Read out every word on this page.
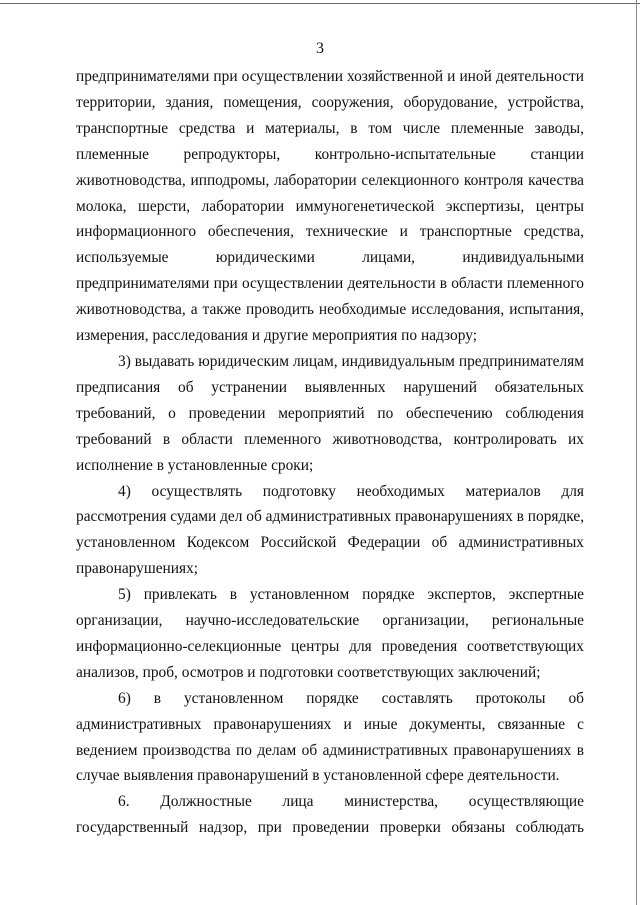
3
предпринимателями при осуществлении хозяйственной и иной деятельности
территории, здания, помещения, сооружения, оборудование, устройства,
транспортные средства и материалы, в том числе племенные заводы,
племенные репродукторы, контрольно-испытательные станции
животноводства, ипподромы, лаборатории селекционного контроля качества
молока, шерсти, лаборатории иммуногенетической экспертизы, центры
информационного обеспечения, технические и транспортные средства,
используемые юридическими лицами, индивидуальными
предпринимателями при осуществлении деятельности в области племенного
животноводства, а также проводить необходимые исследования, испытания,
измерения, расследования и другие мероприятия по надзору;
3) выдавать юридическим лицам, индивидуальным предпринимателям
предписания об устранении выявленных нарушений обязательных
требований, о проведении мероприятий по обеспечению соблюдения
требований в области племенного животноводства, контролировать их
исполнение в установленные сроки;
4) осуществлять подготовку необходимых материалов для
рассмотрения судами дел об административных правонарушениях в порядке,
установленном Кодексом Российской Федерации об административных
правонарушениях;
5) привлекать в установленном порядке экспертов, экспертные
организации, научно-исследовательские организации, региональные
информационно-селекционные центры для проведения соответствующих
анализов, проб, осмотров и подготовки соответствующих заключений;
6) в установленном порядке составлять протоколы об
административных правонарушениях и иные документы, связанные с
ведением производства по делам об административных правонарушениях в
случае выявления правонарушений в установленной сфере деятельности.
6. Должностные лица министерства, осуществляющие
государственный надзор, при проведении проверки обязаны соблюдать
